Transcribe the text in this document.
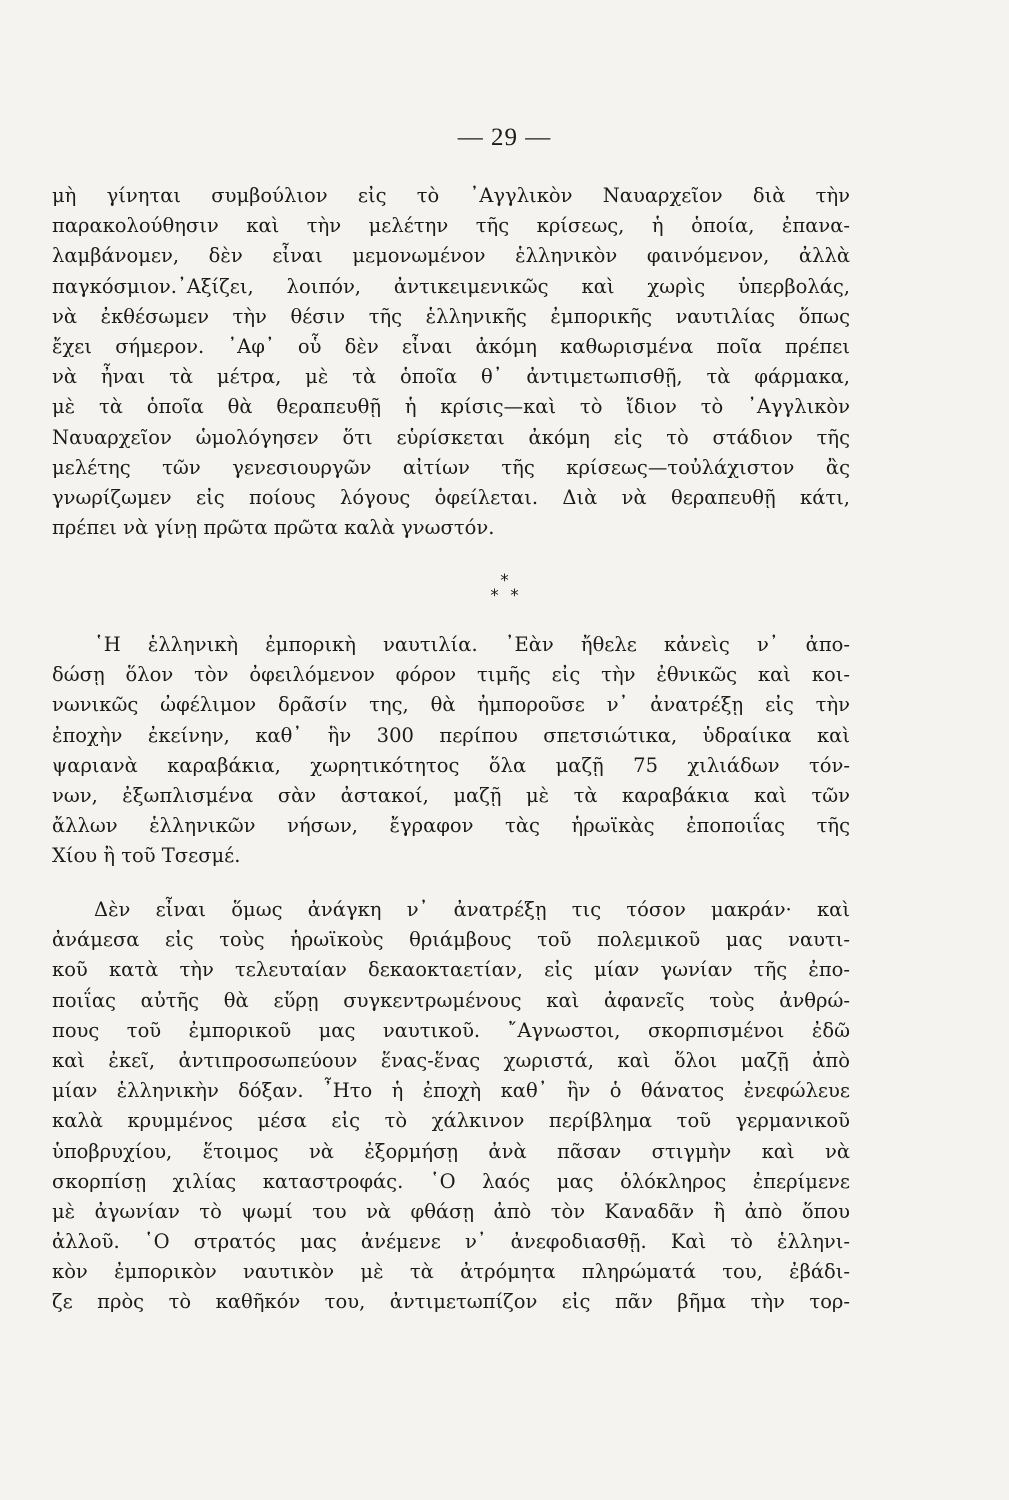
— 29 —
μὴ γίνηται συμβούλιον εἰς τὸ ᾿Αγγλικὸν Ναυαρχεῖον διὰ τὴν
παρακολούθησιν καὶ τὴν μελέτην τῆς κρίσεως, ἡ ὁποία, ἐπανα-
λαμβάνομεν, δὲν εἶναι μεμονωμένον ἑλληνικὸν φαινόμενον, ἀλλὰ
παγκόσμιον.᾿Αξίζει, λοιπόν, ἀντικειμενικῶς καὶ χωρὶς ὑπερβολάς,
νὰ ἐκθέσωμεν τὴν θέσιν τῆς ἑλληνικῆς ἐμπορικῆς ναυτιλίας ὅπως
ἔχει σήμερον. ᾿Αφ᾿ οὗ δὲν εἶναι ἀκόμη καθωρισμένα ποῖα πρέπει
νὰ ἦναι τὰ μέτρα, μὲ τὰ ὁποῖα θ᾿ ἀντιμετωπισθῇ, τὰ φάρμακα,
μὲ τὰ ὁποῖα θὰ θεραπευθῇ ἡ κρίσις—καὶ τὸ ἴδιον τὸ ᾿Αγγλικὸν
Ναυαρχεῖον ὡμολόγησεν ὅτι εὑρίσκεται ἀκόμη εἰς τὸ στάδιον τῆς
μελέτης τῶν γενεσιουργῶν αἰτίων τῆς κρίσεως—τοὐλάχιστον ἂς
γνωρίζωμεν εἰς ποίους λόγους ὀφείλεται. Διὰ νὰ θεραπευθῇ κάτι,
πρέπει νὰ γίνῃ πρῶτα πρῶτα καλὰ γνωστόν.
*
* *
῾Η ἑλληνικὴ ἐμπορικὴ ναυτιλία. ᾿Εὰν ἤθελε κἀνεὶς ν᾿ ἀπο-
δώσῃ ὅλον τὸν ὀφειλόμενον φόρον τιμῆς εἰς τὴν ἐθνικῶς καὶ κοι-
νωνικῶς ὠφέλιμον δρᾶσίν της, θὰ ἠμποροῦσε ν᾿ ἀνατρέξῃ εἰς τὴν
ἐποχὴν ἐκείνην, καθ᾿ ἣν 300 περίπου σπετσιώτικα, ὑδραίικα καὶ
ψαριανὰ καραβάκια, χωρητικότητος ὅλα μαζῇ 75 χιλιάδων τόν-
νων, ἐξωπλισμένα σὰν ἀστακοί, μαζῇ μὲ τὰ καραβάκια καὶ τῶν
ἄλλων ἑλληνικῶν νήσων, ἔγραφον τὰς ἡρωϊκὰς ἐποποιΐας τῆς
Χίου ἢ τοῦ Τσεσμέ.
Δὲν εἶναι ὅμως ἀνάγκη ν᾿ ἀνατρέξῃ τις τόσον μακράν· καὶ
ἀνάμεσα εἰς τοὺς ἡρωϊκοὺς θριάμβους τοῦ πολεμικοῦ μας ναυτι-
κοῦ κατὰ τὴν τελευταίαν δεκαοκταετίαν, εἰς μίαν γωνίαν τῆς ἐπο-
ποιΐας αὐτῆς θὰ εὕρῃ συγκεντρωμένους καὶ ἀφανεῖς τοὺς ἀνθρώ-
πους τοῦ ἐμπορικοῦ μας ναυτικοῦ. ῎Αγνωστοι, σκορπισμένοι ἐδῶ
καὶ ἐκεῖ, ἀντιπροσωπεύουν ἕνας-ἕνας χωριστά, καὶ ὅλοι μαζῇ ἀπὸ
μίαν ἑλληνικὴν δόξαν. ῏Ητο ἡ ἐποχὴ καθ᾿ ἣν ὁ θάνατος ἐνεφώλευε
καλὰ κρυμμένος μέσα εἰς τὸ χάλκινον περίβλημα τοῦ γερμανικοῦ
ὑποβρυχίου, ἕτοιμος νὰ ἐξορμήσῃ ἀνὰ πᾶσαν στιγμὴν καὶ νὰ
σκορπίσῃ χιλίας καταστροφάς. ῾Ο λαός μας ὁλόκληρος ἐπερίμενε
μὲ ἀγωνίαν τὸ ψωμί του νὰ φθάσῃ ἀπὸ τὸν Καναδᾶν ἢ ἀπὸ ὅπου
ἀλλοῦ. ῾Ο στρατός μας ἀνέμενε ν᾿ ἀνεφοδιασθῇ. Καὶ τὸ ἑλληνι-
κὸν ἐμπορικὸν ναυτικὸν μὲ τὰ ἀτρόμητα πληρώματά του, ἐβάδι-
ζε πρὸς τὸ καθῆκόν του, ἀντιμετωπίζον εἰς πᾶν βῆμα τὴν τορ-
